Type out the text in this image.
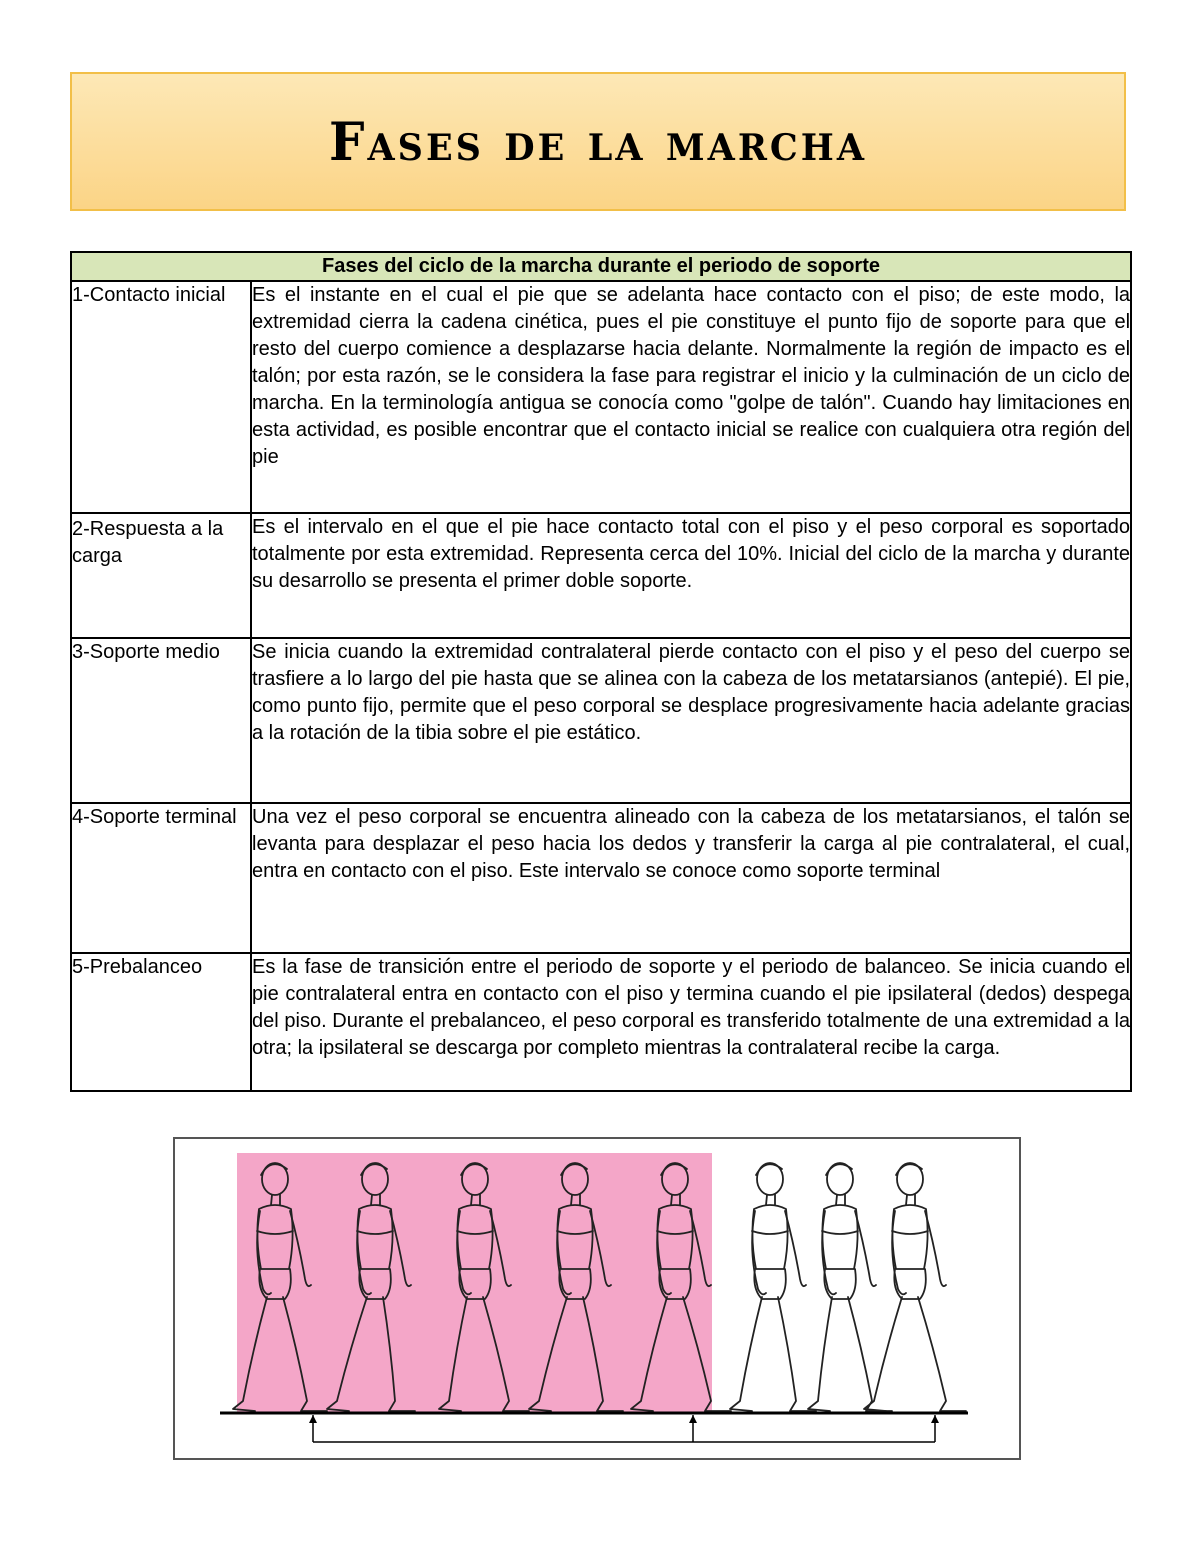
Fases de la marcha
Fases del ciclo de la marcha durante el periodo de soporte	
1-Contacto inicial	Es el instante en el cual el pie que se adelanta hace contacto con el piso; de este modo, la extremidad cierra la cadena cinética, pues el pie constituye el punto fijo de soporte para que el resto del cuerpo comience a desplazarse hacia delante. Normalmente la región de impacto es el talón; por esta razón, se le considera la fase para registrar el inicio y la culminación de un ciclo de marcha. En la terminología antigua se conocía como "golpe de talón". Cuando hay limitaciones en esta actividad, es posible encontrar que el contacto inicial se realice con cualquiera otra región del pie
2-Respuesta a la carga	Es el intervalo en el que el pie hace contacto total con el piso y el peso corporal es soportado totalmente por esta extremidad. Representa cerca del 10%. Inicial del ciclo de la marcha y durante su desarrollo se presenta el primer doble soporte.
3-Soporte medio	Se inicia cuando la extremidad contralateral pierde contacto con el piso y el peso del cuerpo se trasfiere a lo largo del pie hasta que se alinea con la cabeza de los metatarsianos (antepié). El pie, como punto fijo, permite que el peso corporal se desplace progresivamente hacia adelante gracias a la rotación de la tibia sobre el pie estático.
4-Soporte terminal	Una vez el peso corporal se encuentra alineado con la cabeza de los metatarsianos, el talón se levanta para desplazar el peso hacia los dedos y transferir la carga al pie contralateral, el cual, entra en contacto con el piso. Este intervalo se conoce como soporte terminal
5-Prebalanceo	Es la fase de transición entre el periodo de soporte y el periodo de balanceo. Se inicia cuando el pie contralateral entra en contacto con el piso y termina cuando el pie ipsilateral (dedos) despega del piso. Durante el prebalanceo, el peso corporal es transferido totalmente de una extremidad a la otra; la ipsilateral se descarga por completo mientras la contralateral recibe la carga.
